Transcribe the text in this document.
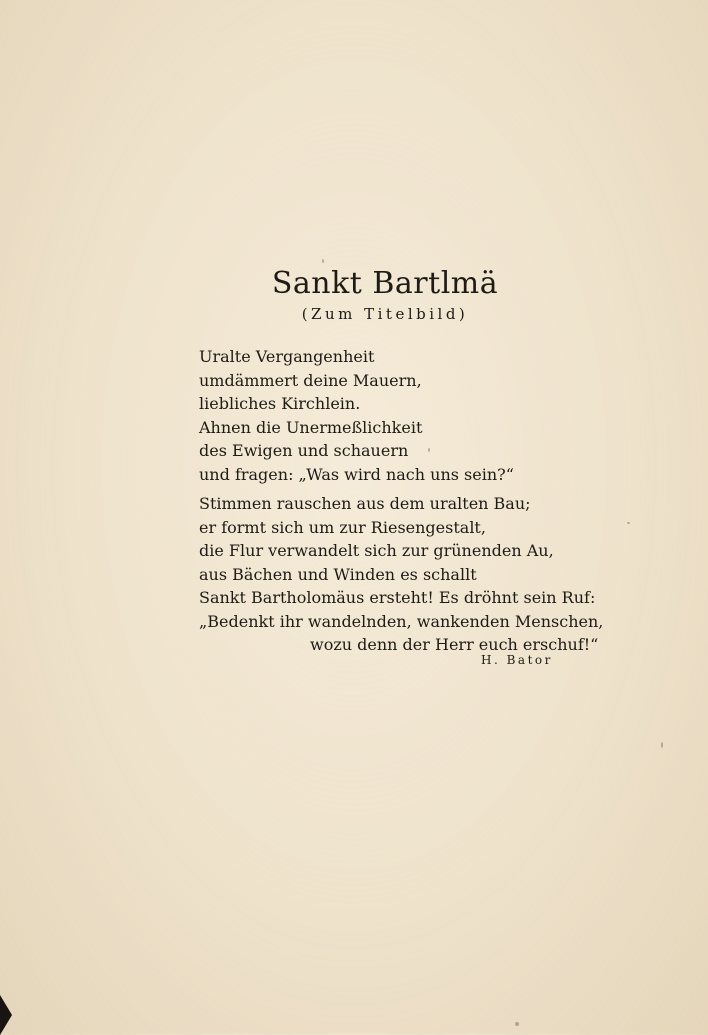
Sankt Bartlmä
(Zum Titelbild)
Uralte Vergangenheit
umdämmert deine Mauern,
liebliches Kirchlein.
Ahnen die Unermeßlichkeit
des Ewigen und schauern
und fragen: „Was wird nach uns sein?“
Stimmen rauschen aus dem uralten Bau;
er formt sich um zur Riesengestalt,
die Flur verwandelt sich zur grünenden Au,
aus Bächen und Winden es schallt
Sankt Bartholomäus ersteht! Es dröhnt sein Ruf:
„Bedenkt ihr wandelnden, wankenden Menschen,
wozu denn der Herr euch erschuf!“
H. Bator
